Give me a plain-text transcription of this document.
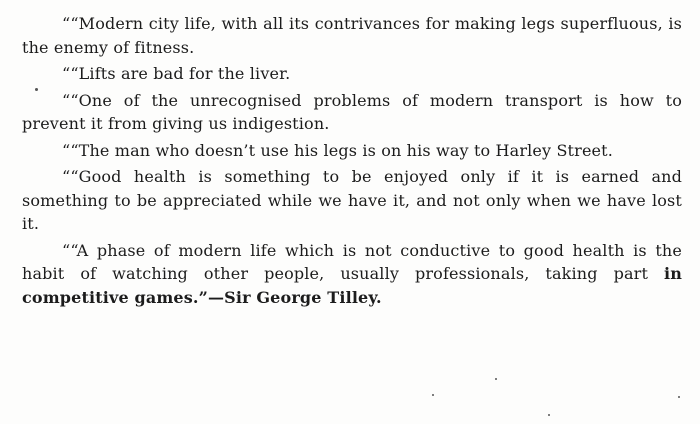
““Modern city life, with all its contrivances for making legs superfluous, is the enemy of fitness.

““Lifts are bad for the liver.

““One of the unrecognised problems of modern transport is how to prevent it from giving us indigestion.

““The man who doesn’t use his legs is on his way to Harley Street.

““Good health is something to be enjoyed only if it is earned and something to be appreciated while we have it, and not only when we have lost it.

““A phase of modern life which is not conductive to good health is the habit of watching other people, usually professionals, taking part in competitive games.”—Sir George Tilley.
